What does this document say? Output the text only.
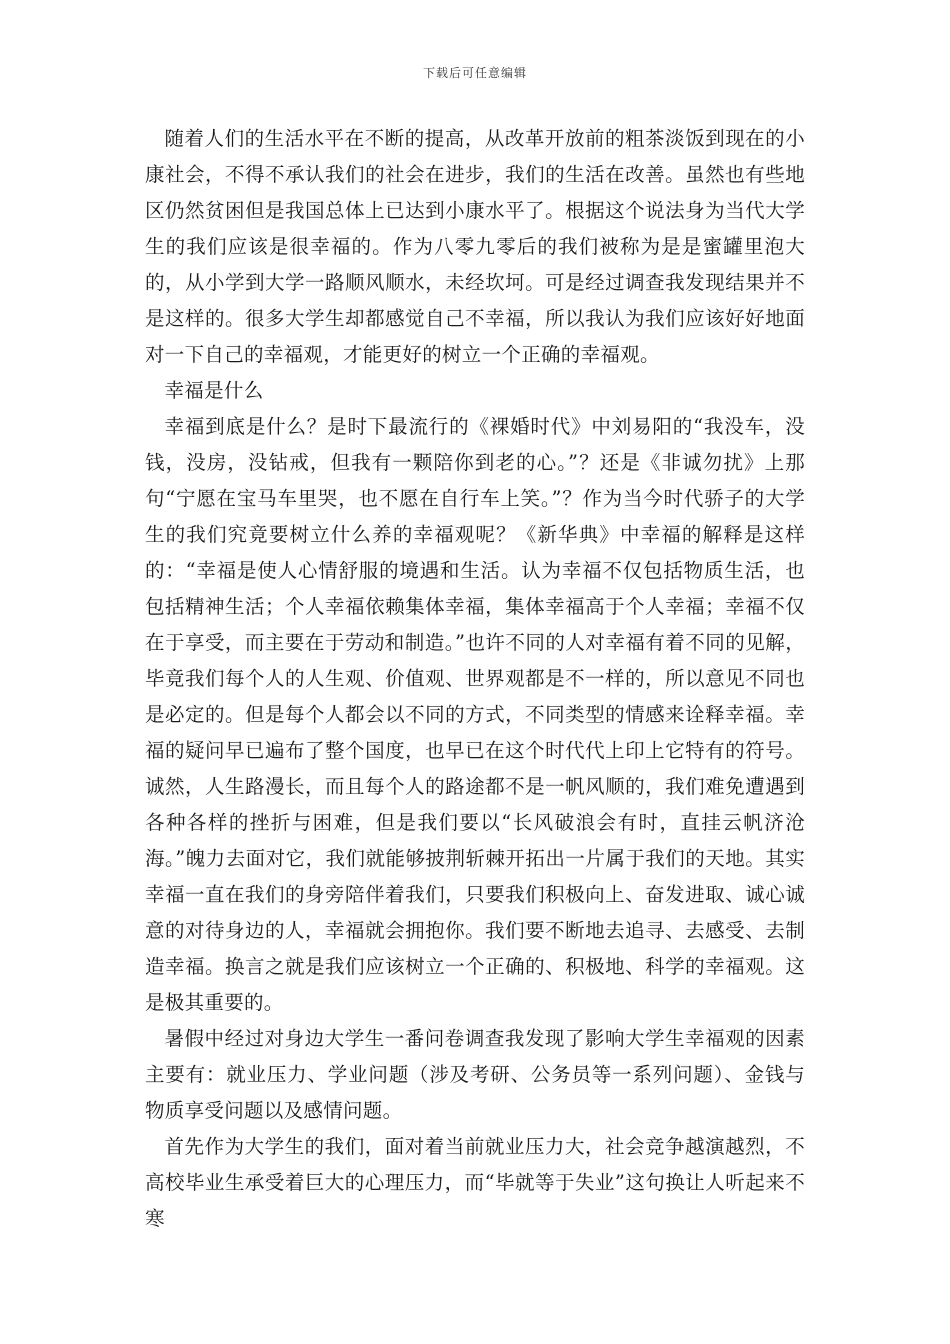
下载后可任意编辑

随着人们的生活水平在不断的提高，从改革开放前的粗茶淡饭到现在的小康社会，不得不承认我们的社会在进步，我们的生活在改善。虽然也有些地区仍然贫困但是我国总体上已达到小康水平了。根据这个说法身为当代大学生的我们应该是很幸福的。作为八零九零后的我们被称为是是蜜罐里泡大的，从小学到大学一路顺风顺水，未经坎坷。可是经过调查我发现结果并不是这样的。很多大学生却都感觉自己不幸福，所以我认为我们应该好好地面对一下自己的幸福观，才能更好的树立一个正确的幸福观。

幸福是什么

幸福到底是什么？是时下最流行的《裸婚时代》中刘易阳的“我没车，没钱，没房，没钻戒，但我有一颗陪你到老的心。”？还是《非诚勿扰》上那句“宁愿在宝马车里哭，也不愿在自行车上笑。”？作为当今时代骄子的大学生的我们究竟要树立什么养的幸福观呢？《新华典》中幸福的解释是这样的：“幸福是使人心情舒服的境遇和生活。认为幸福不仅包括物质生活，也包括精神生活；个人幸福依赖集体幸福，集体幸福高于个人幸福；幸福不仅在于享受，而主要在于劳动和制造。”也许不同的人对幸福有着不同的见解，毕竟我们每个人的人生观、价值观、世界观都是不一样的，所以意见不同也是必定的。但是每个人都会以不同的方式，不同类型的情感来诠释幸福。幸福的疑问早已遍布了整个国度，也早已在这个时代代上印上它特有的符号。诚然，人生路漫长，而且每个人的路途都不是一帆风顺的，我们难免遭遇到各种各样的挫折与困难，但是我们要以“长风破浪会有时，直挂云帆济沧海。”魄力去面对它，我们就能够披荆斩棘开拓出一片属于我们的天地。其实幸福一直在我们的身旁陪伴着我们，只要我们积极向上、奋发进取、诚心诚意的对待身边的人，幸福就会拥抱你。我们要不断地去追寻、去感受、去制造幸福。换言之就是我们应该树立一个正确的、积极地、科学的幸福观。这是极其重要的。

暑假中经过对身边大学生一番问卷调查我发现了影响大学生幸福观的因素主要有：就业压力、学业问题（涉及考研、公务员等一系列问题）、金钱与物质享受问题以及感情问题。

首先作为大学生的我们，面对着当前就业压力大，社会竞争越演越烈，不高校毕业生承受着巨大的心理压力，而“毕就等于失业”这句换让人听起来不寒
